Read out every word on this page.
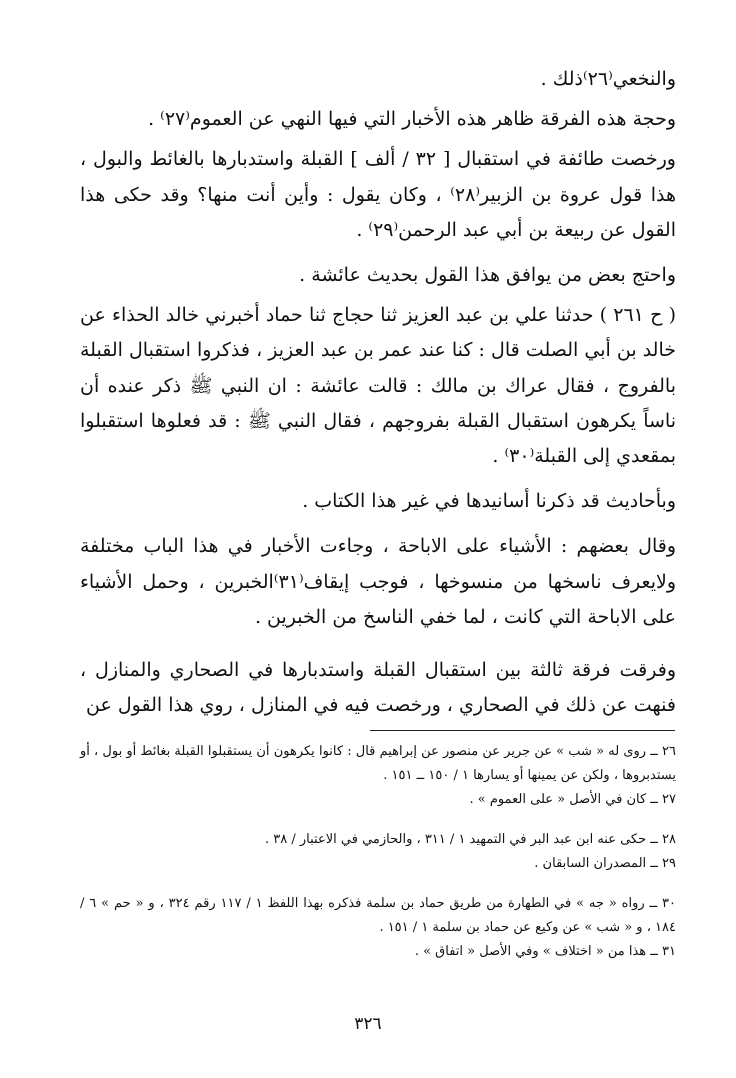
والنخعي⁽٢٦⁾ذلك .

وحجة هذه الفرقة ظاهر هذه الأخبار التي فيها النهي عن العموم⁽٢٧⁾ .

ورخصت طائفة في استقبال [ ٣٢ / ألف ] القبلة واستدبارها بالغائط والبول ، هذا قول عروة بن الزبير⁽٢٨⁾ ، وكان يقول : وأين أنت منها؟ وقد حكى هذا القول عن ربيعة بن أبي عبد الرحمن⁽٢٩⁾ .

واحتج بعض من يوافق هذا القول بحديث عائشة .

( ح ٢٦١ ) حدثنا علي بن عبد العزيز ثنا حجاج ثنا حماد أخبرني خالد الحذاء عن خالد بن أبي الصلت قال : كنا عند عمر بن عبد العزيز ، فذكروا استقبال القبلة بالفروج ، فقال عراك بن مالك : قالت عائشة : ان النبي ﷺ ذكر عنده أن ناساً يكرهون استقبال القبلة بفروجهم ، فقال النبي ﷺ : قد فعلوها استقبلوا بمقعدي إلى القبلة⁽٣٠⁾ .

وبأحاديث قد ذكرنا أسانيدها في غير هذا الكتاب .

وقال بعضهم : الأشياء على الاباحة ، وجاءت الأخبار في هذا الباب مختلفة ولايعرف ناسخها من منسوخها ، فوجب إيقاف⁽٣١⁾الخبرين ، وحمل الأشياء على الاباحة التي كانت ، لما خفي الناسخ من الخبرين .

وفرقت فرقة ثالثة بين استقبال القبلة واستدبارها في الصحاري والمنازل ، فنهت عن ذلك في الصحاري ، ورخصت فيه في المنازل ، روي هذا القول عن

٢٦ ــ روى له « شب » عن جرير عن منصور عن إبراهيم قال : كانوا يكرهون أن يستقبلوا القبلة بغائط أو بول ، أو يستدبروها ، ولكن عن يمينها أو يسارها ١ / ١٥٠ ــ ١٥١ .

٢٧ ــ كان في الأصل « على العموم » .

٢٨ ــ حكى عنه ابن عبد البر في التمهيد ١ / ٣١١ ، والحازمي في الاعتبار / ٣٨ .

٢٩ ــ المصدران السابقان .

٣٠ ــ رواه « جه » في الطهارة من طريق حماد بن سلمة فذكره بهذا اللفظ ١ / ١١٧ رقم ٣٢٤ ، و « حم » ٦ / ١٨٤ ، و « شب » عن وكيع عن حماد بن سلمة ١ / ١٥١ .

٣١ ــ هذا من « اختلاف » وفي الأصل « اتفاق » .

٣٢٦
